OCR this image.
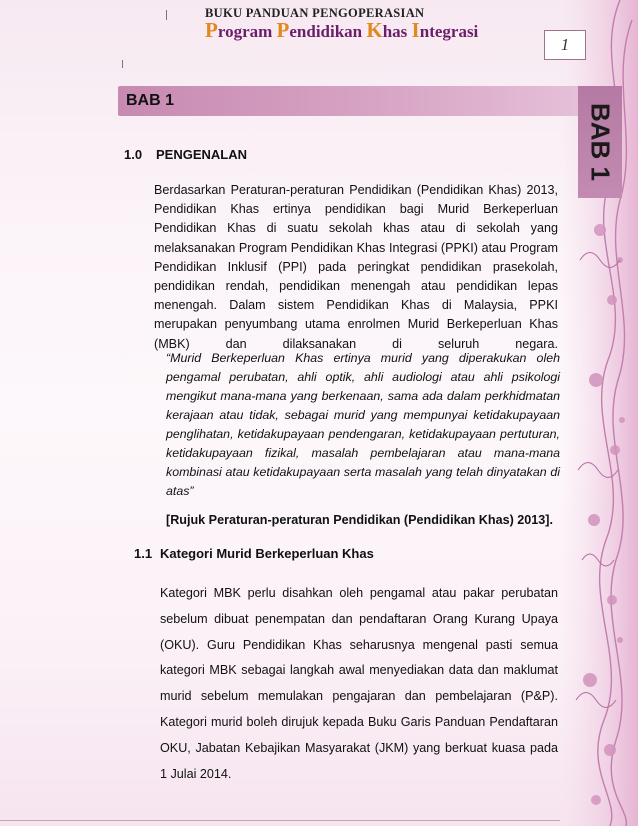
BUKU PANDUAN PENGOPERASIAN
Program Pendidikan Khas Integrasi
1
BAB 1
BAB 1
1.0 PENGENALAN

Berdasarkan Peraturan-peraturan Pendidikan (Pendidikan Khas) 2013, Pendidikan Khas ertinya pendidikan bagi Murid Berkeperluan Pendidikan Khas di suatu sekolah khas atau di sekolah yang melaksanakan Program Pendidikan Khas Integrasi (PPKI) atau Program Pendidikan Inklusif (PPI) pada peringkat pendidikan prasekolah, pendidikan rendah, pendidikan menengah atau pendidikan lepas menengah. Dalam sistem Pendidikan Khas di Malaysia, PPKI merupakan penyumbang utama enrolmen Murid Berkeperluan Khas (MBK) dan dilaksanakan di seluruh negara.

“Murid Berkeperluan Khas ertinya murid yang diperakukan oleh pengamal perubatan, ahli optik, ahli audiologi atau ahli psikologi mengikut mana-mana yang berkenaan, sama ada dalam perkhidmatan kerajaan atau tidak, sebagai murid yang mempunyai ketidakupayaan penglihatan, ketidakupayaan pendengaran, ketidakupayaan pertuturan, ketidakupayaan fizikal, masalah pembelajaran atau mana-mana kombinasi atau ketidakupayaan serta masalah yang telah dinyatakan di atas”

[Rujuk Peraturan-peraturan Pendidikan (Pendidikan Khas) 2013].
1.1 Kategori Murid Berkeperluan Khas

Kategori MBK perlu disahkan oleh pengamal atau pakar perubatan sebelum dibuat penempatan dan pendaftaran Orang Kurang Upaya (OKU). Guru Pendidikan Khas seharusnya mengenal pasti semua kategori MBK sebagai langkah awal menyediakan data dan maklumat murid sebelum memulakan pengajaran dan pembelajaran (P&P). Kategori murid boleh dirujuk kepada Buku Garis Panduan Pendaftaran OKU, Jabatan Kebajikan Masyarakat (JKM) yang berkuat kuasa pada 1 Julai 2014.
